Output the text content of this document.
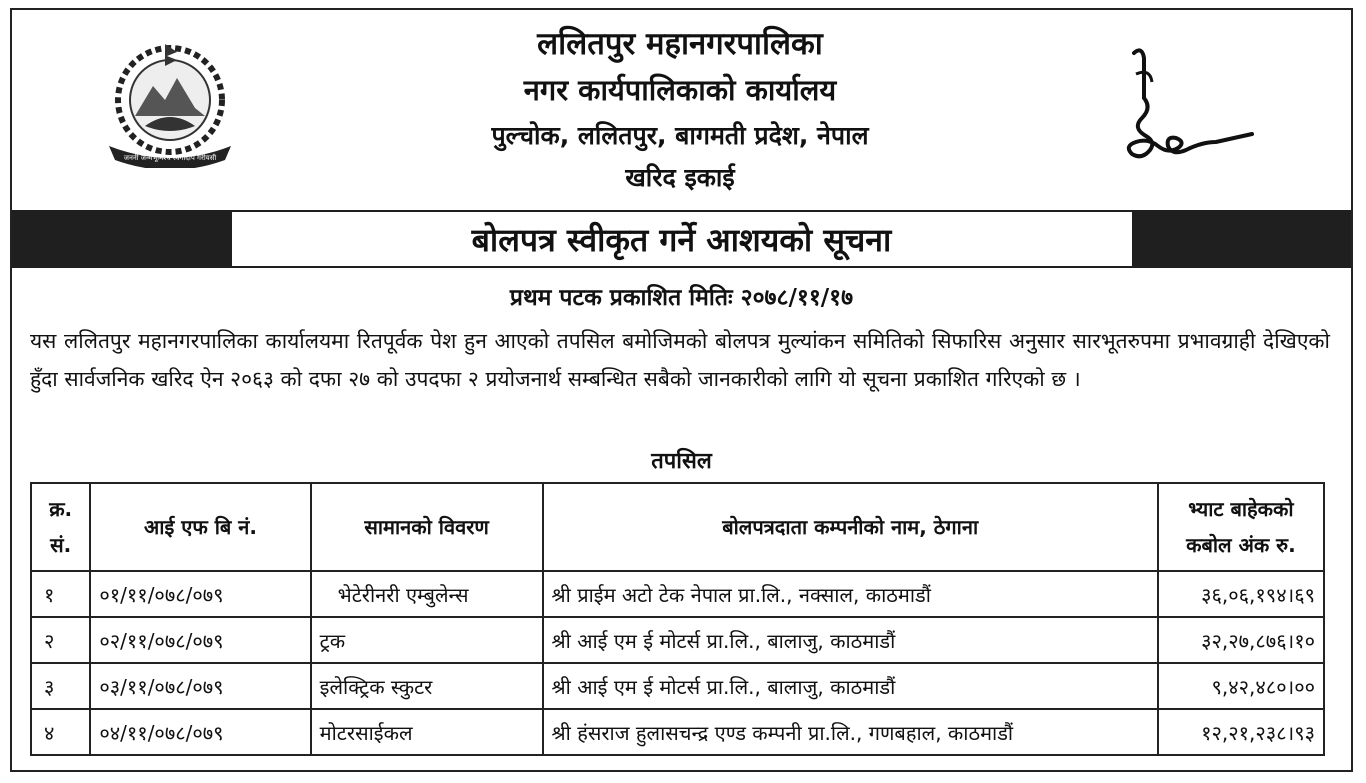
जननी जन्मभूमिश्च स्वर्गादपि गरीयसी
ललितपुर महानगरपालिका
नगर कार्यपालिकाको कार्यालय
पुल्चोक, ललितपुर, बागमती प्रदेश, नेपाल
खरिद इकाई
बोलपत्र स्वीकृत गर्ने आशयको सूचना
प्रथम पटक प्रकाशित मितिः २०७८/११/१७
यस ललितपुर महानगरपालिका कार्यालयमा रितपूर्वक पेश हुन आएको तपसिल बमोजिमको बोलपत्र मुल्यांकन समितिको सिफारिस अनुसार सारभूतरुपमा प्रभावग्राही देखिएको हुँदा सार्वजनिक खरिद ऐन २०६३ को दफा २७ को उपदफा २ प्रयोजनार्थ सम्बन्धित सबैको जानकारीको लागि यो सूचना प्रकाशित गरिएको छ ।
तपसिल
क्र.
सं.	आई एफ बि नं.	सामानको विवरण	बोलपत्रदाता कम्पनीको नाम, ठेगाना	भ्याट बाहेकको
कबोल अंक रु.
१	०१/११/०७८/०७९	भेटेरीनरी एम्बुलेन्स	श्री प्राईम अटो टेक नेपाल प्रा.लि., नक्साल, काठमाडौं	३६,०६,१९४।६९
२	०२/११/०७८/०७९	ट्रक	श्री आई एम ई मोटर्स प्रा.लि., बालाजु, काठमाडौं	३२,२७,८७६।१०
३	०३/११/०७८/०७९	इलेक्ट्रिक स्कुटर	श्री आई एम ई मोटर्स प्रा.लि., बालाजु, काठमाडौं	९,४२,४८०।००
४	०४/११/०७८/०७९	मोटरसाईकल	श्री हंसराज हुलासचन्द्र एण्ड कम्पनी प्रा.लि., गणबहाल, काठमाडौं	१२,२१,२३८।९३
